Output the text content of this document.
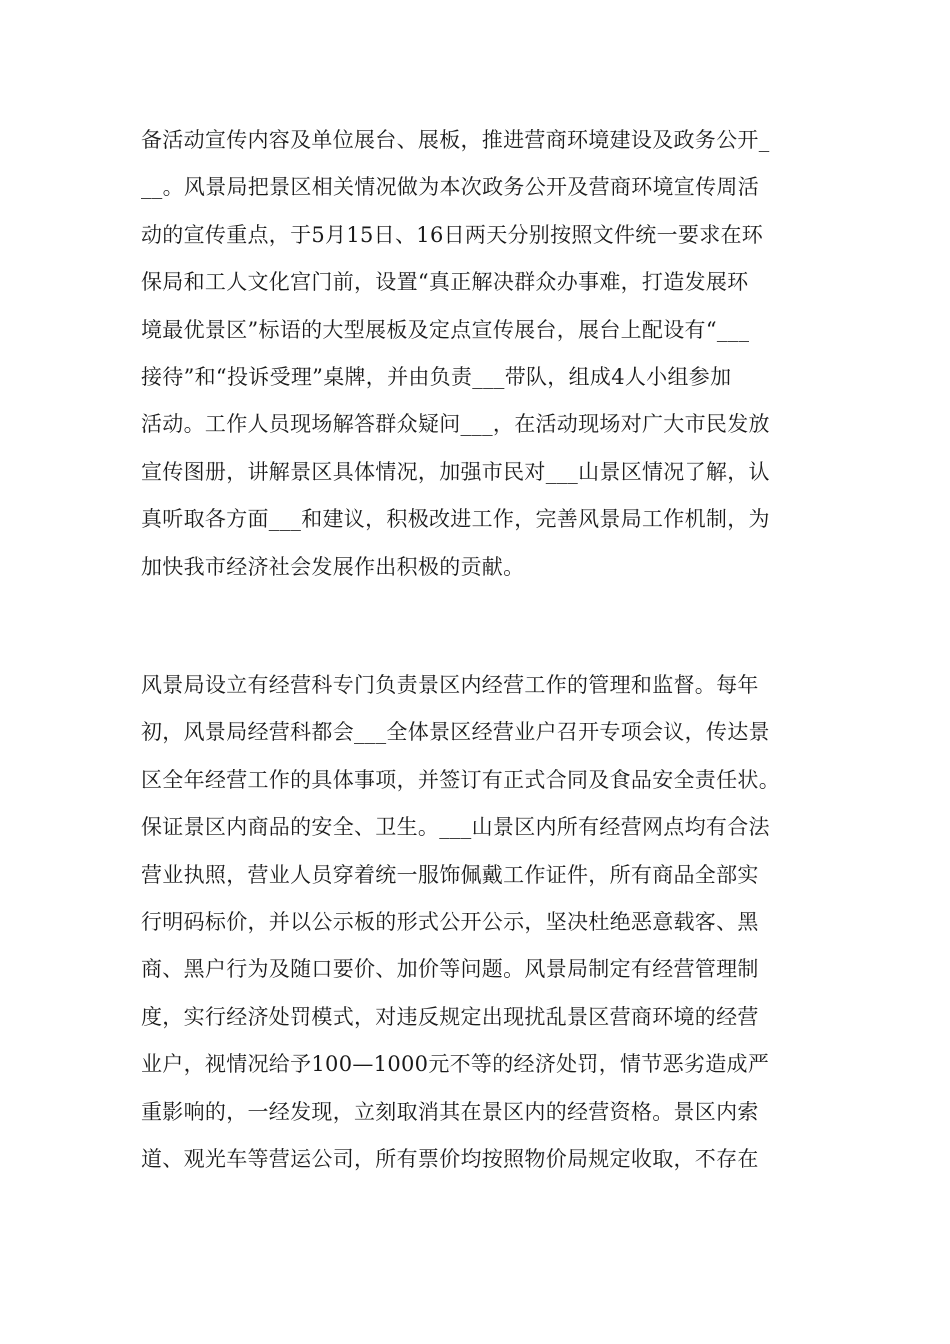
备活动宣传内容及单位展台、展板，推进营商环境建设及政务公开_
__。风景局把景区相关情况做为本次政务公开及营商环境宣传周活
动的宣传重点，于5月15日、16日两天分别按照文件统一要求在环
保局和工人文化宫门前，设置“真正解决群众办事难，打造发展环
境最优景区”标语的大型展板及定点宣传展台，展台上配设有“___
接待”和“投诉受理”桌牌，并由负责___带队，组成4人小组参加
活动。工作人员现场解答群众疑问___，在活动现场对广大市民发放
宣传图册，讲解景区具体情况，加强市民对___山景区情况了解，认
真听取各方面___和建议，积极改进工作，完善风景局工作机制，为
加快我市经济社会发展作出积极的贡献。
风景局设立有经营科专门负责景区内经营工作的管理和监督。每年
初，风景局经营科都会___全体景区经营业户召开专项会议，传达景
区全年经营工作的具体事项，并签订有正式合同及食品安全责任状。
保证景区内商品的安全、卫生。___山景区内所有经营网点均有合法
营业执照，营业人员穿着统一服饰佩戴工作证件，所有商品全部实
行明码标价，并以公示板的形式公开公示，坚决杜绝恶意载客、黑
商、黑户行为及随口要价、加价等问题。风景局制定有经营管理制
度，实行经济处罚模式，对违反规定出现扰乱景区营商环境的经营
业户，视情况给予100—1000元不等的经济处罚，情节恶劣造成严
重影响的，一经发现，立刻取消其在景区内的经营资格。景区内索
道、观光车等营运公司，所有票价均按照物价局规定收取，不存在
